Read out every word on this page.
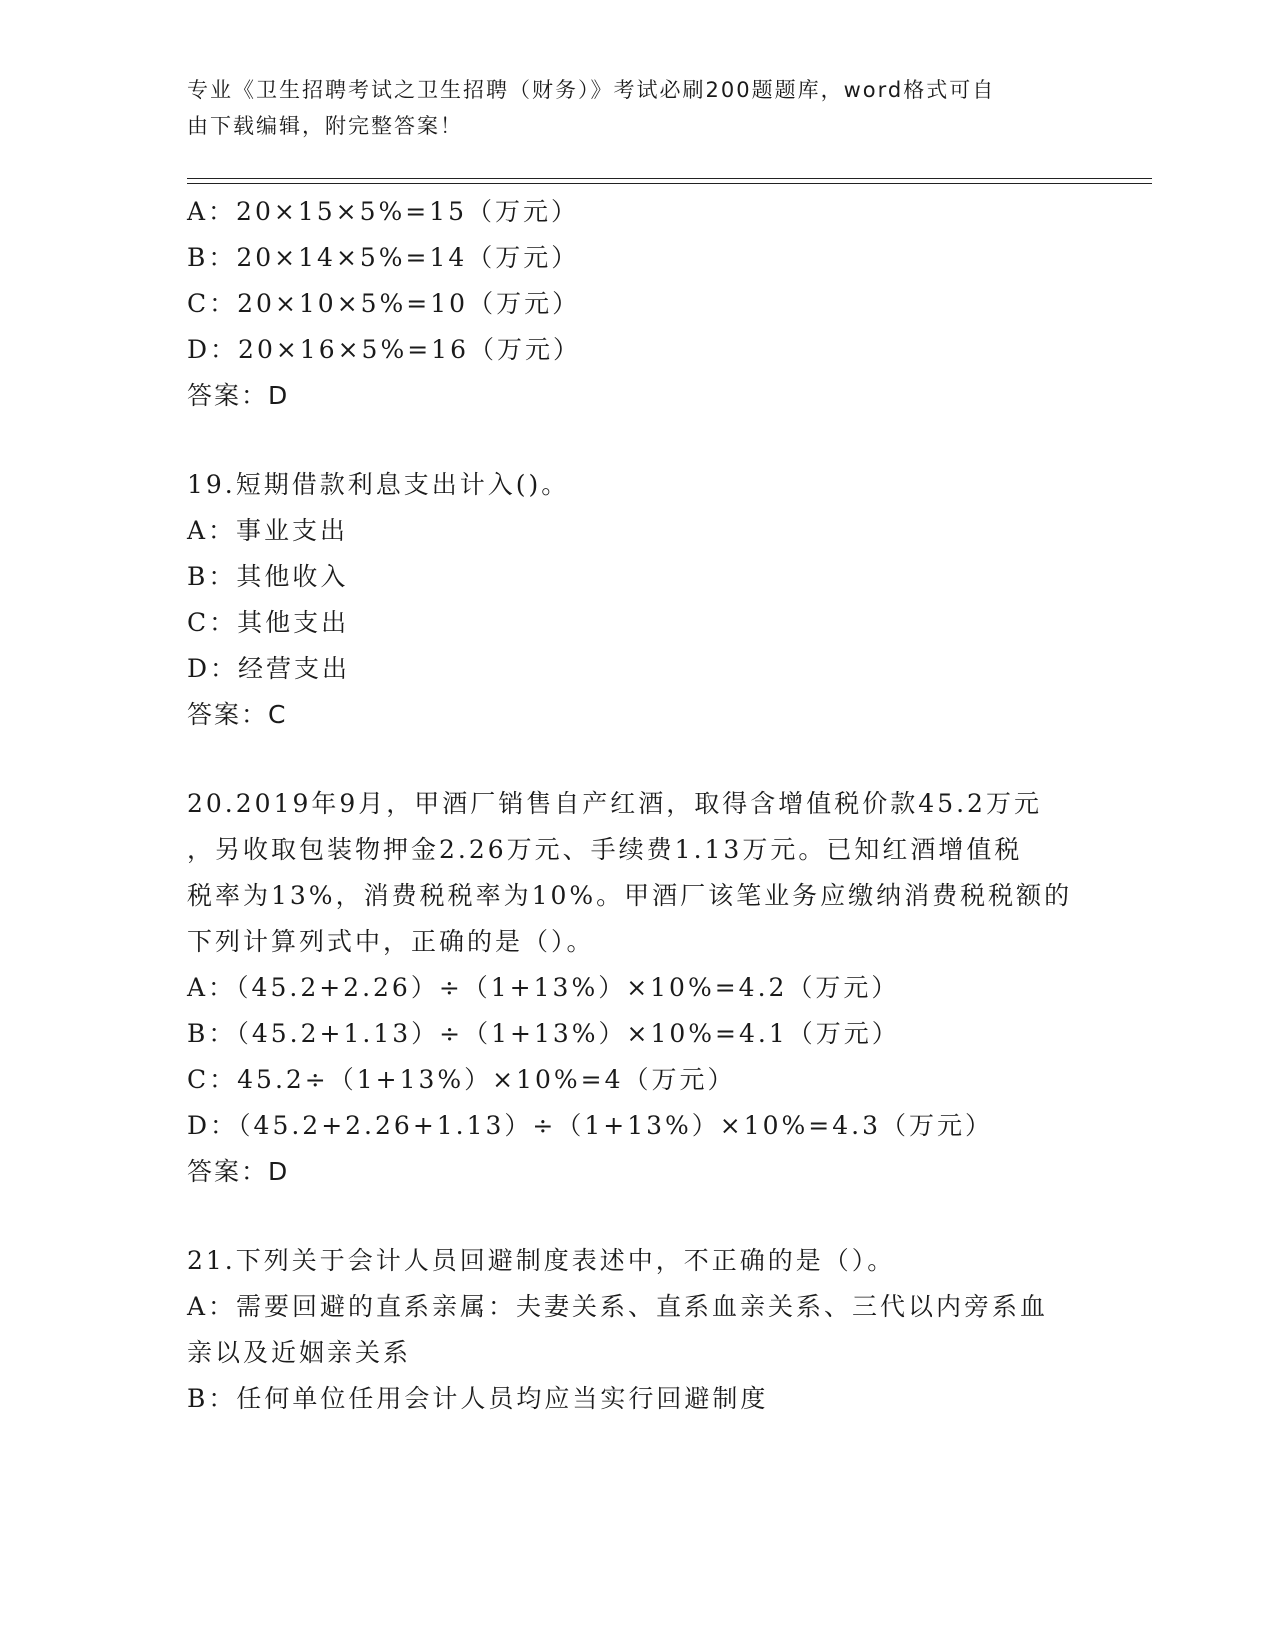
专业《卫生招聘考试之卫生招聘（财务）》考试必刷200题题库，word格式可自
由下载编辑，附完整答案！
A：20×15×5%=15（万元）
B：20×14×5%=14（万元）
C：20×10×5%=10（万元）
D：20×16×5%=16（万元）
答案：D
19.短期借款利息支出计入()。
A：事业支出
B：其他收入
C：其他支出
D：经营支出
答案：C
20.2019年9月，甲酒厂销售自产红酒，取得含增值税价款45.2万元
，另收取包装物押金2.26万元、手续费1.13万元。已知红酒增值税
税率为13%，消费税税率为10%。甲酒厂该笔业务应缴纳消费税税额的
下列计算列式中，正确的是（）。
A：（45.2+2.26）÷（1+13%）×10%=4.2（万元）
B：（45.2+1.13）÷（1+13%）×10%=4.1（万元）
C：45.2÷（1+13%）×10%=4（万元）
D：（45.2+2.26+1.13）÷（1+13%）×10%=4.3（万元）
答案：D
21.下列关于会计人员回避制度表述中，不正确的是（）。
A：需要回避的直系亲属：夫妻关系、直系血亲关系、三代以内旁系血
亲以及近姻亲关系
B：任何单位任用会计人员均应当实行回避制度
